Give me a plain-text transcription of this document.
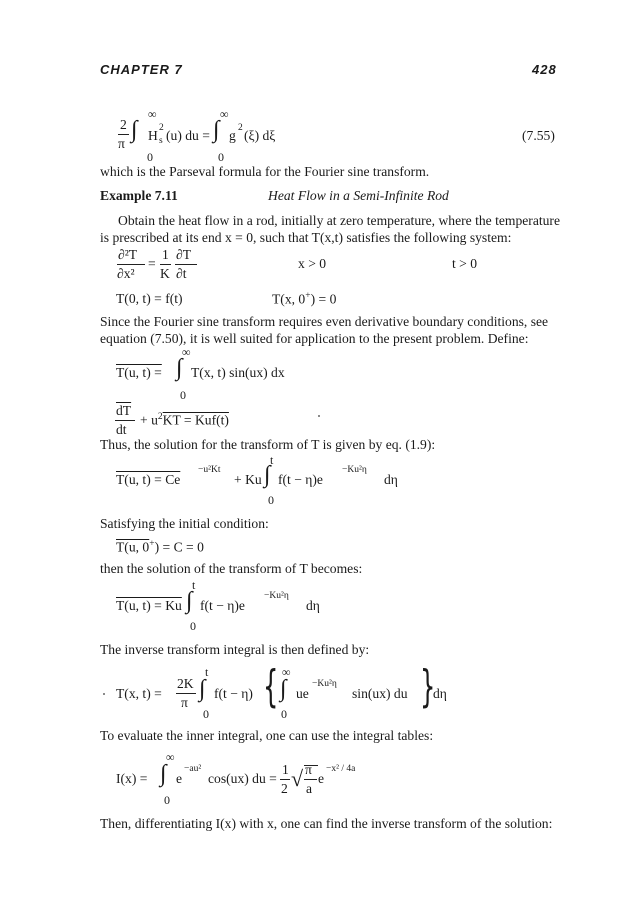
CHAPTER 7	428
∞
2
π
∫ H 2
s (u) du =
0
∞
∫ g 2 (ξ) dξ
0
(7.55)
which is the Parseval formula for the Fourier sine transform.
Example 7.11	Heat Flow in a Semi-Infinite Rod
Obtain the heat flow in a rod, initially at zero temperature, where the temperature is prescribed at its end x = 0, such that T(x,t) satisfies the following system:
∂²T
∂x²
=
1
K
∂T
∂t
x > 0	t > 0
T(0, t) = f(t)	T(x, 0+) = 0
Since the Fourier sine transform requires even derivative boundary conditions, see equation (7.50), it is well suited for application to the present problem. Define:
∞
T(u, t) = ∫ T(x, t) sin(ux) dx
0
$\overline{dT}$
dt
+ $u^2KT = Kuf(t)$
Thus, the solution for the transform of T is given by eq. (1.9):
t
T(u, t) = Ce
−u²Kt
+ Ku ∫ f(t − η)e
−Ku²η
dη
0
Satisfying the initial condition:
T(u, 0+) = C = 0
then the solution of the transform of T becomes:
t
T(u, t) = Ku ∫ f(t − η)e
−Ku²η
dη
0
The inverse transform integral is then defined by:
T(x, t) =
2K
π
t
∫ f(t − η)
0
{ ∞
∫ ue
−Ku²η
sin(ux) du
0
}
dη
To evaluate the inner integral, one can use the integral tables:
∞
I(x) = ∫ e
−au²
cos(ux) du =
1
2 √ π
a
e
−x² / 4a
0
Then, differentiating I(x) with x, one can find the inverse transform of the solution:
